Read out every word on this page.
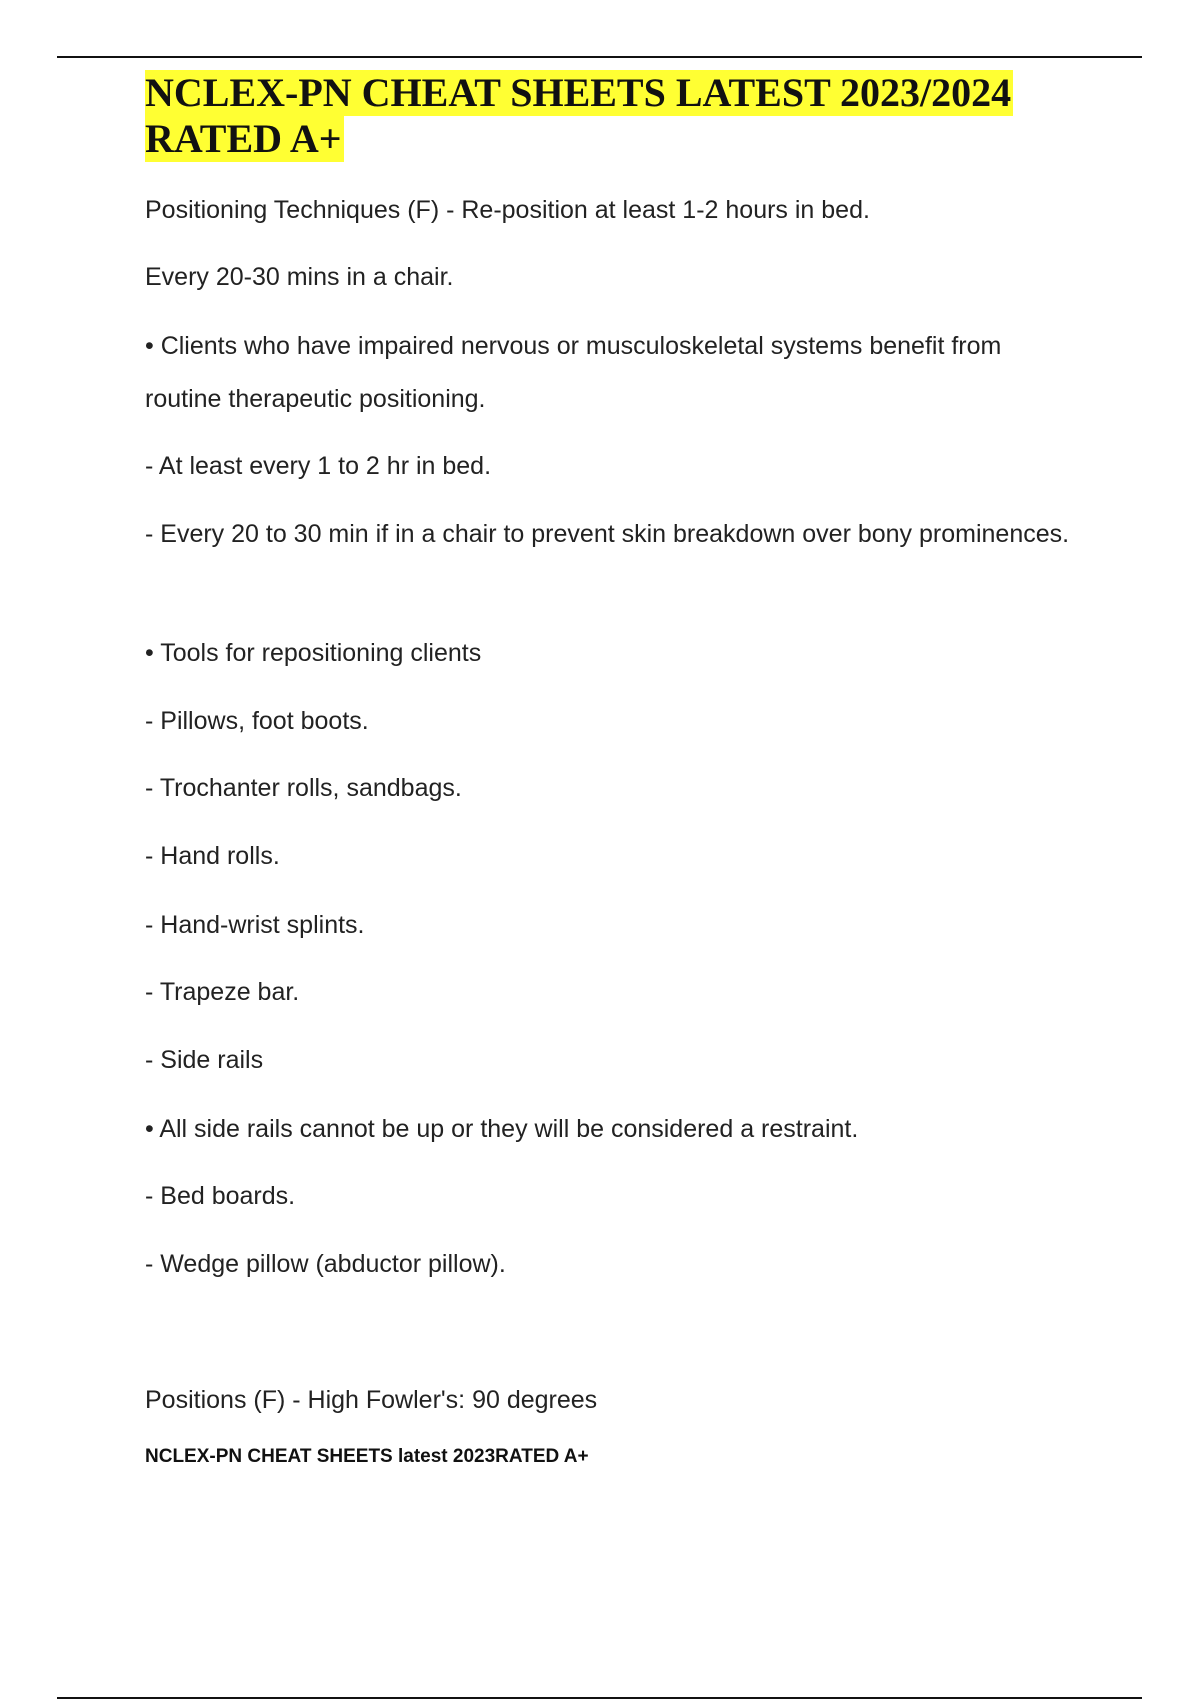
NCLEX-PN CHEAT SHEETS LATEST 2023/2024
RATED A+
Positioning Techniques (F) - Re-position at least 1-2 hours in bed.
Every 20-30 mins in a chair.
• Clients who have impaired nervous or musculoskeletal systems benefit from routine therapeutic positioning.
- At least every 1 to 2 hr in bed.
- Every 20 to 30 min if in a chair to prevent skin breakdown over bony prominences.
• Tools for repositioning clients
- Pillows, foot boots.
- Trochanter rolls, sandbags.
- Hand rolls.
- Hand-wrist splints.
- Trapeze bar.
- Side rails
• All side rails cannot be up or they will be considered a restraint.
- Bed boards.
- Wedge pillow (abductor pillow).
Positions (F) - High Fowler's: 90 degrees
NCLEX-PN CHEAT SHEETS latest 2023RATED A+
